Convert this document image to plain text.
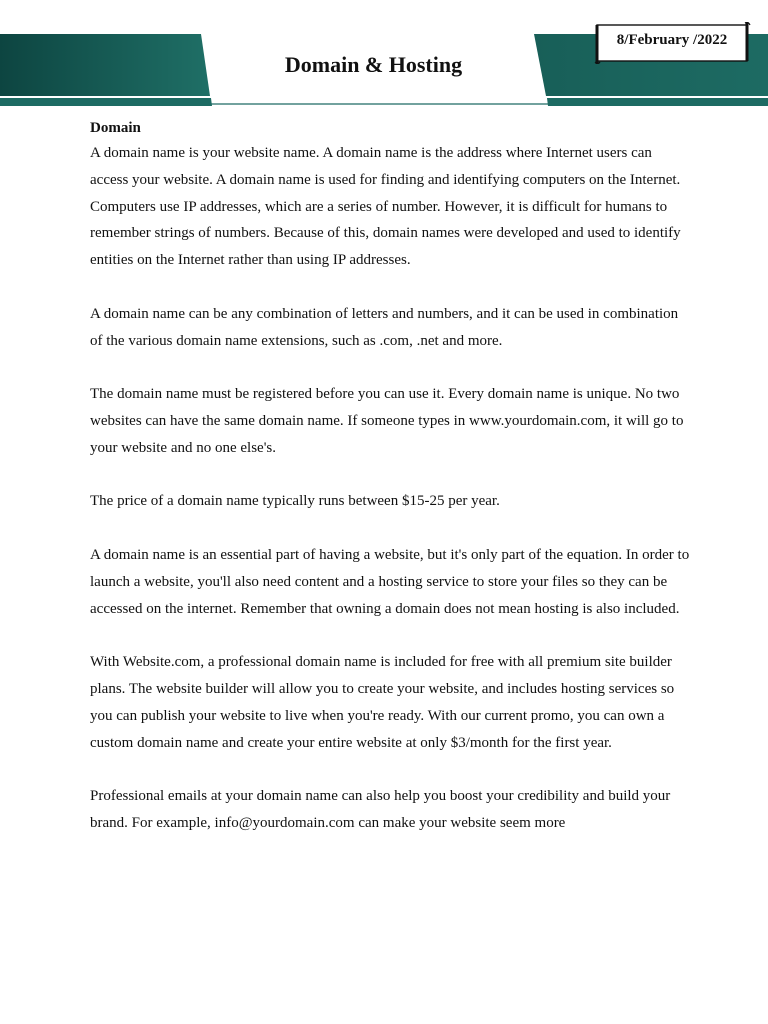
Domain & Hosting
8/February /2022
Domain

A domain name is your website name. A domain name is the address where Internet users can access your website. A domain name is used for finding and identifying computers on the Internet. Computers use IP addresses, which are a series of number. However, it is difficult for humans to remember strings of numbers. Because of this, domain names were developed and used to identify entities on the Internet rather than using IP addresses.

A domain name can be any combination of letters and numbers, and it can be used in combination of the various domain name extensions, such as .com, .net and more.

The domain name must be registered before you can use it. Every domain name is unique. No two websites can have the same domain name. If someone types in www.yourdomain.com, it will go to your website and no one else's.

The price of a domain name typically runs between $15-25 per year.

A domain name is an essential part of having a website, but it's only part of the equation. In order to launch a website, you'll also need content and a hosting service to store your files so they can be accessed on the internet. Remember that owning a domain does not mean hosting is also included.

With Website.com, a professional domain name is included for free with all premium site builder plans. The website builder will allow you to create your website, and includes hosting services so you can publish your website to live when you're ready. With our current promo, you can own a custom domain name and create your entire website at only $3/month for the first year.

Professional emails at your domain name can also help you boost your credibility and build your brand. For example, info@yourdomain.com can make your website seem more
